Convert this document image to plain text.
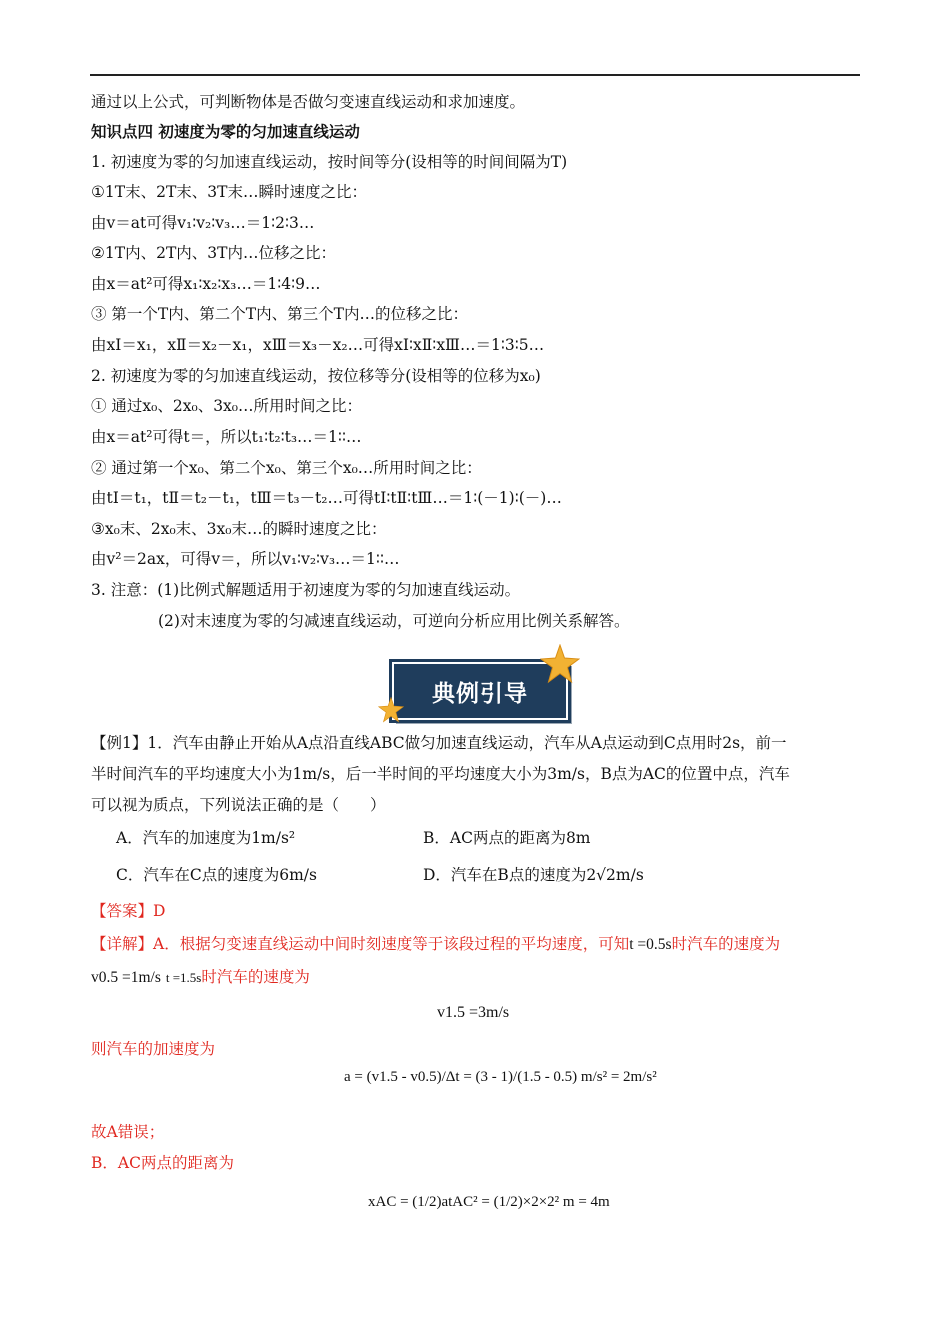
通过以上公式，可判断物体是否做匀变速直线运动和求加速度。
知识点四 初速度为零的匀加速直线运动
1. 初速度为零的匀加速直线运动，按时间等分(设相等的时间间隔为T)
①1T末、2T末、3T末…瞬时速度之比：
由v＝at可得v₁∶v₂∶v₃…＝1∶2∶3…
②1T内、2T内、3T内…位移之比：
由x＝at²可得x₁∶x₂∶x₃…＝1∶4∶9…
③ 第一个T内、第二个T内、第三个T内…的位移之比：
由xⅠ＝x₁，xⅡ＝x₂－x₁，xⅢ＝x₃－x₂…可得xⅠ∶xⅡ∶xⅢ…＝1∶3∶5…
2. 初速度为零的匀加速直线运动，按位移等分(设相等的位移为x₀)
① 通过x₀、2x₀、3x₀…所用时间之比：
由x＝at²可得t＝，所以t₁∶t₂∶t₃…＝1∶∶…
② 通过第一个x₀、第二个x₀、第三个x₀…所用时间之比：
由tⅠ＝t₁，tⅡ＝t₂－t₁，tⅢ＝t₃－t₂…可得tⅠ∶tⅡ∶tⅢ…＝1∶(－1)∶(－)…
③x₀末、2x₀末、3x₀末…的瞬时速度之比：
由v²＝2ax，可得v＝，所以v₁∶v₂∶v₃…＝1∶∶…
3. 注意：(1)比例式解题适用于初速度为零的匀加速直线运动。
(2)对末速度为零的匀减速直线运动，可逆向分析应用比例关系解答。
典例引导
【例1】1．汽车由静止开始从A点沿直线ABC做匀加速直线运动，汽车从A点运动到C点用时2s，前一
半时间汽车的平均速度大小为1m/s，后一半时间的平均速度大小为3m/s，B点为AC的位置中点，汽车
可以视为质点，下列说法正确的是（　　）
A．汽车的加速度为1m/s²	B．AC两点的距离为8m
C．汽车在C点的速度为6m/s	D．汽车在B点的速度为2√2m/s
【答案】D
【详解】A．根据匀变速直线运动中间时刻速度等于该段过程的平均速度，可知t =0.5s时汽车的速度为
v0.5 =1m/s t =1.5s时汽车的速度为
v1.5 =3m/s
则汽车的加速度为
a = (v1.5 - v0.5)/Δt = (3 - 1)/(1.5 - 0.5) m/s² = 2m/s²
故A错误；
B．AC两点的距离为
xAC = (1/2)atAC² = (1/2)×2×2² m = 4m
